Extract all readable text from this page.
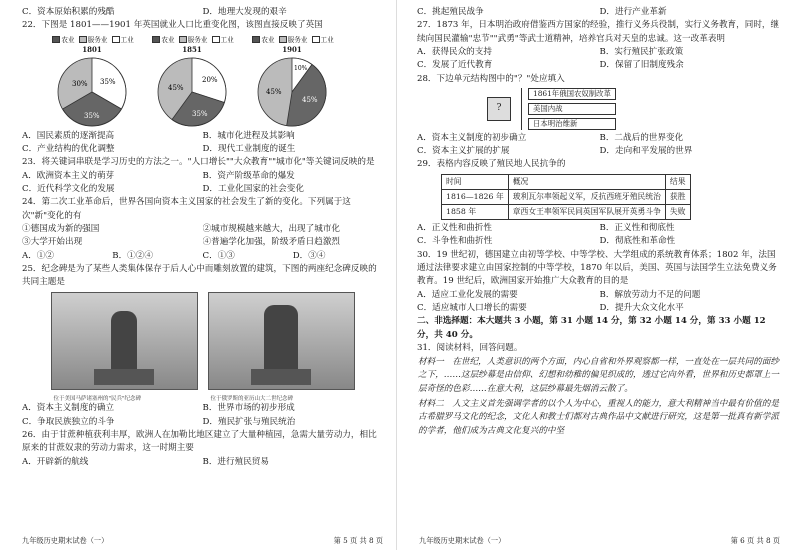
C．资本原始积累的残酷	D．地理大发现的艰辛
22．下图是 1801——1901 年英国就业人口比重变化图，该图直接反映了英国
农业 服务业 工业
1801
30% 35%
35%
农业 服务业 工业
1851
45%
20%
35%
农业 服务业 工业
1901
45%
10%
45%
A．国民素质的逐渐提高	B．城市化进程及其影响
C．产业结构的优化调整	D．现代工业制度的诞生
23．将关键词串联是学习历史的方法之一。"人口增长""大众教育""城市化"等关键词反映的是
A．欧洲资本主义的萌芽	B．资产阶级革命的爆发
C．近代科学文化的发展	D．工业化国家的社会变化
24．第二次工业革命后，世界各国向资本主义国家的社会发生了新的变化。下列属于这次"新"变化的有
①德国成为新的强国	②城市规模越来越大，出现了城市化
③大学开始出现	④普遍学化加强，阶级矛盾日趋激烈
A．①②	B．①②④	C．①③	D．③④
25．纪念碑是为了某些人类集体保存于后人心中而雕刻放置的建筑，下图的两座纪念碑反映的共同主题是
位于美国马萨诸塞州的"民兵"纪念碑	位于俄罗斯的亚历山大二世纪念碑
A．资本主义制度的确立	B．世界市场的初步形成
C．争取民族独立的斗争	D．殖民扩张与殖民统治
26．由于甘蔗种植获利丰厚，欧洲人在加勒比地区建立了大量种植园，急需大量劳动力，相比原来的甘蔗奴隶的劳动力需求，这一时期主要
A．开辟新的航线	B．进行殖民贸易
九年级历史期末试卷（一）	第 5 页 共 8 页
C．挑起殖民战争	D．进行产业革新
27．1873 年，日本明治政府借鉴西方国家的经验，推行义务兵役制，实行义务教育，同时，继续向国民灌输"忠节""武勇"等武士道精神，培养官兵对天皇的忠诚。这一改革表明
A．获得民众的支持	B．实行殖民扩张政策
C．发展了近代教育	D．保留了旧制度残余
28．下边单元结构图中的"？"处应填入
?
1861年俄国农奴制改革
美国内战
日本明治维新
A．资本主义制度的初步确立	B．二战后的世界变化
C．资本主义扩展的扩展	D．走向和平发展的世界
29．表格内容反映了殖民地人民抗争的
时间	概况	结果
1816—1826 年	玻利瓦尔率领起义军，反抗西班牙殖民统治	获胜
1858 年	章西女王率领军民同英国军队展开英勇斗争	失败
A．正义性和曲折性	B．正义性和彻底性
C．斗争性和曲折性	D．彻底性和革命性
30．19 世纪初，德国建立由初等学校、中等学校、大学组成的系统教育体系；1802 年，法国通过法律要求建立由国家控制的中等学校，1870 年以后，美国、英国与法国学生立法免费义务教育。19 世纪后，欧洲国家开始推广大众教育的目的是
A．适应工业化发展的需要	B．解放劳动力不足的问题
C．适应城市人口增长的需要	D．提升大众文化水平
二、非选择题：本大题共 3 小题，第 31 小题 14 分，第 32 小题 14 分，第 33 小题 12 分，共 40 分。
31．阅读材料，回答问题。
材料一　在世纪，人类意识的两个方面，内心自省和外界观察都一样，一直处在一层共同的面纱之下，……这层纱幕是由信仰、幻想和幼稚的偏见织成的，透过它向外看，世界和历史都罩上一层奇怪的色彩……在意大利，这层纱幕最先烟消云散了。
材料二　人文主义首先强调学者的以个人为中心，重视人的能力，意大利精神当中最有价值的是古希腊罗马文化的纪念，文化人和教士们都对古典作品中文献进行研究，这是第一批真有新学派的学者，他们成为古典文化复兴的中坚
九年级历史期末试卷（一）	第 6 页 共 8 页
